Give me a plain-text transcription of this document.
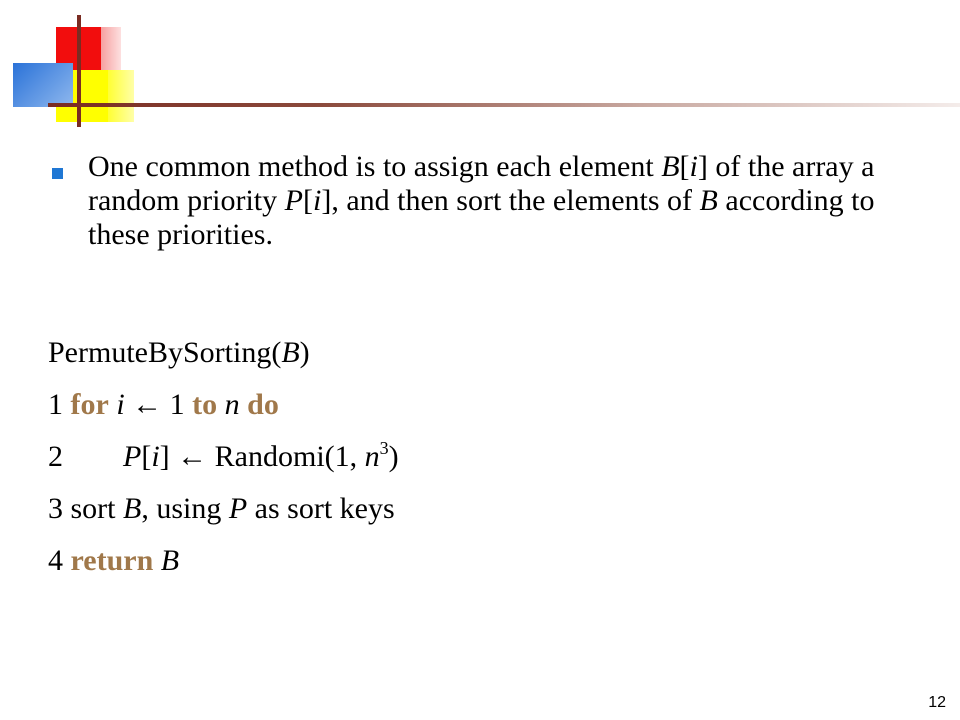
One common method is to assign each element B[i] of the array a random priority P[i], and then sort the elements of B according to these priorities.
PermuteBySorting(B)
1 for i ← 1 to n do
2        P[i] ← Randomi(1, $n^3$)
3 sort B, using P as sort keys
4 return B
12
